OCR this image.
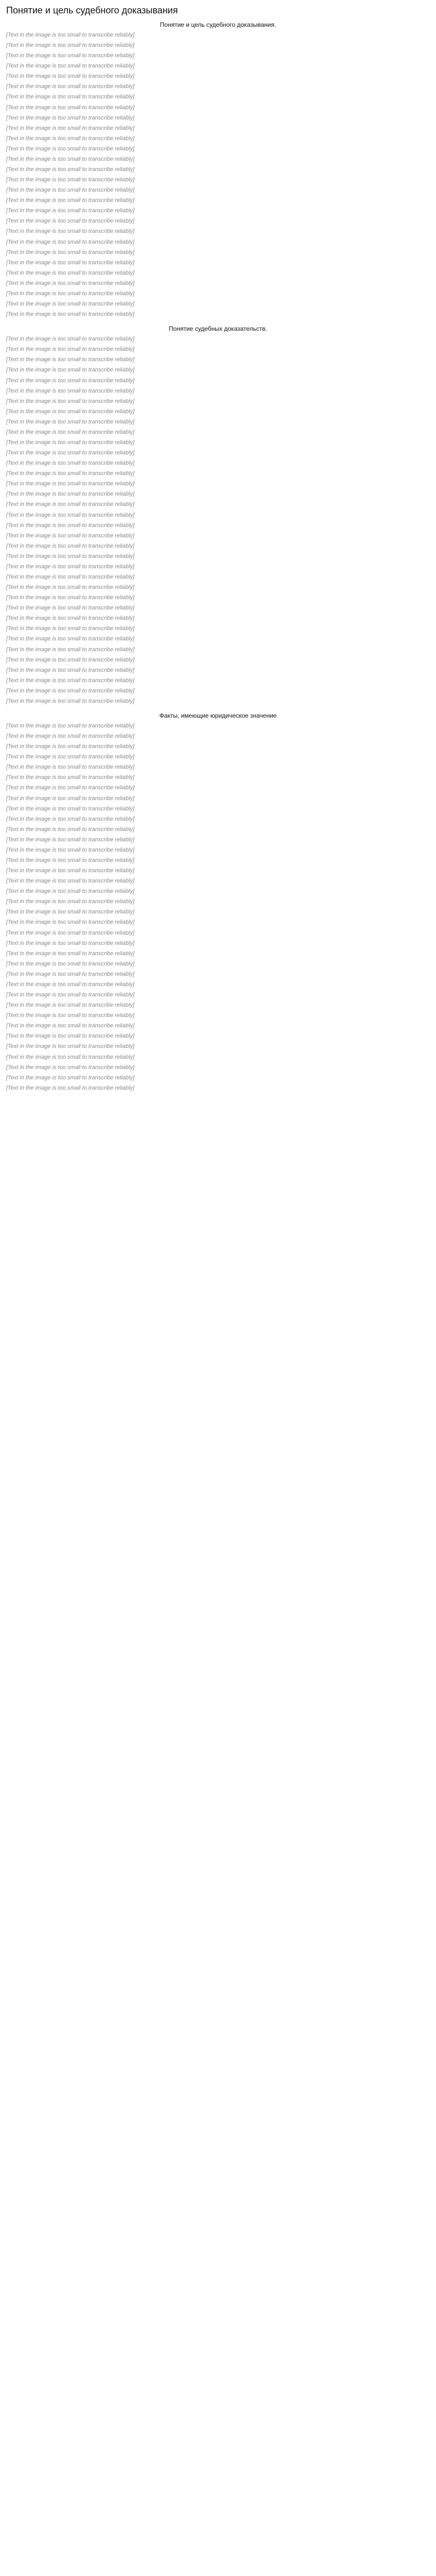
Понятие и цель судебного доказывания
Понятие и цель судебного доказывания.

[Text in the image is too small to transcribe reliably]

[Text in the image is too small to transcribe reliably]

[Text in the image is too small to transcribe reliably]

[Text in the image is too small to transcribe reliably]

[Text in the image is too small to transcribe reliably]

[Text in the image is too small to transcribe reliably]

[Text in the image is too small to transcribe reliably]

[Text in the image is too small to transcribe reliably]

[Text in the image is too small to transcribe reliably]

[Text in the image is too small to transcribe reliably]

[Text in the image is too small to transcribe reliably]

[Text in the image is too small to transcribe reliably]

[Text in the image is too small to transcribe reliably]

[Text in the image is too small to transcribe reliably]

[Text in the image is too small to transcribe reliably]

[Text in the image is too small to transcribe reliably]

[Text in the image is too small to transcribe reliably]

[Text in the image is too small to transcribe reliably]

[Text in the image is too small to transcribe reliably]

[Text in the image is too small to transcribe reliably]

[Text in the image is too small to transcribe reliably]

[Text in the image is too small to transcribe reliably]

[Text in the image is too small to transcribe reliably]

[Text in the image is too small to transcribe reliably]

[Text in the image is too small to transcribe reliably]

[Text in the image is too small to transcribe reliably]

[Text in the image is too small to transcribe reliably]

[Text in the image is too small to transcribe reliably]

Понятие судебных доказательств.

[Text in the image is too small to transcribe reliably]

[Text in the image is too small to transcribe reliably]

[Text in the image is too small to transcribe reliably]

[Text in the image is too small to transcribe reliably]

[Text in the image is too small to transcribe reliably]

[Text in the image is too small to transcribe reliably]

[Text in the image is too small to transcribe reliably]

[Text in the image is too small to transcribe reliably]

[Text in the image is too small to transcribe reliably]

[Text in the image is too small to transcribe reliably]

[Text in the image is too small to transcribe reliably]

[Text in the image is too small to transcribe reliably]

[Text in the image is too small to transcribe reliably]

[Text in the image is too small to transcribe reliably]

[Text in the image is too small to transcribe reliably]

[Text in the image is too small to transcribe reliably]

[Text in the image is too small to transcribe reliably]

[Text in the image is too small to transcribe reliably]

[Text in the image is too small to transcribe reliably]

[Text in the image is too small to transcribe reliably]

[Text in the image is too small to transcribe reliably]

[Text in the image is too small to transcribe reliably]

[Text in the image is too small to transcribe reliably]

[Text in the image is too small to transcribe reliably]

[Text in the image is too small to transcribe reliably]

[Text in the image is too small to transcribe reliably]

[Text in the image is too small to transcribe reliably]

[Text in the image is too small to transcribe reliably]

[Text in the image is too small to transcribe reliably]

[Text in the image is too small to transcribe reliably]

[Text in the image is too small to transcribe reliably]

[Text in the image is too small to transcribe reliably]

[Text in the image is too small to transcribe reliably]

[Text in the image is too small to transcribe reliably]

[Text in the image is too small to transcribe reliably]

[Text in the image is too small to transcribe reliably]

Факты, имеющие юридическое значение

[Text in the image is too small to transcribe reliably]

[Text in the image is too small to transcribe reliably]

[Text in the image is too small to transcribe reliably]

[Text in the image is too small to transcribe reliably]

[Text in the image is too small to transcribe reliably]

[Text in the image is too small to transcribe reliably]

[Text in the image is too small to transcribe reliably]

[Text in the image is too small to transcribe reliably]

[Text in the image is too small to transcribe reliably]

[Text in the image is too small to transcribe reliably]

[Text in the image is too small to transcribe reliably]

[Text in the image is too small to transcribe reliably]

[Text in the image is too small to transcribe reliably]

[Text in the image is too small to transcribe reliably]

[Text in the image is too small to transcribe reliably]

[Text in the image is too small to transcribe reliably]

[Text in the image is too small to transcribe reliably]

[Text in the image is too small to transcribe reliably]

[Text in the image is too small to transcribe reliably]

[Text in the image is too small to transcribe reliably]

[Text in the image is too small to transcribe reliably]

[Text in the image is too small to transcribe reliably]

[Text in the image is too small to transcribe reliably]

[Text in the image is too small to transcribe reliably]

[Text in the image is too small to transcribe reliably]

[Text in the image is too small to transcribe reliably]

[Text in the image is too small to transcribe reliably]

[Text in the image is too small to transcribe reliably]

[Text in the image is too small to transcribe reliably]

[Text in the image is too small to transcribe reliably]

[Text in the image is too small to transcribe reliably]

[Text in the image is too small to transcribe reliably]

[Text in the image is too small to transcribe reliably]

[Text in the image is too small to transcribe reliably]

[Text in the image is too small to transcribe reliably]

[Text in the image is too small to transcribe reliably]
